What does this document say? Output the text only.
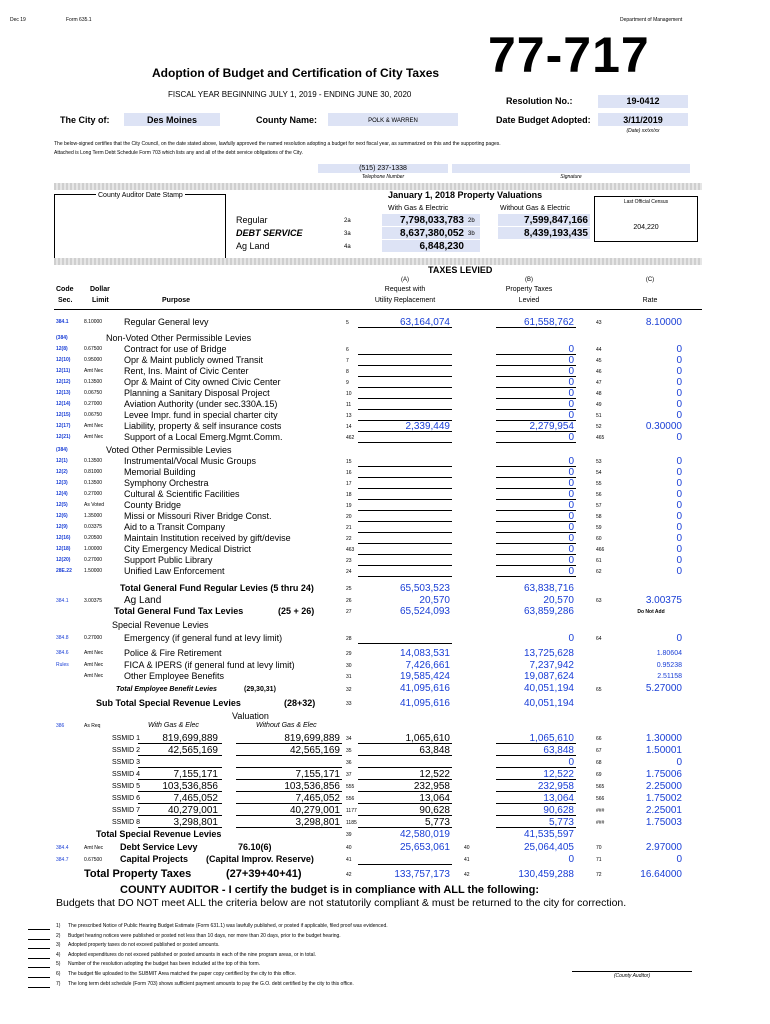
Dec 19	Form 635.1	Department of Management
77-717
Adoption of Budget and Certification of City Taxes
FISCAL YEAR BEGINNING JULY 1, 2019 - ENDING JUNE 30, 2020
Resolution No.:	19-0412
The City of:	Des Moines	County Name:	POLK & WARREN	Date Budget Adopted:	3/11/2019
(Date) xx/xx/xx
The below-signed certifies that the City Council, on the date stated above, lawfully approved the named resolution adopting a budget for next fiscal year, as summarized on this and the supporting pages.
Attached is Long Term Debt Schedule Form 703 which lists any and all of the debt service obligations of the City.
(515) 237-1338
Telephone Number	Signature
County Auditor Date Stamp	January 1, 2018 Property Valuations
With Gas & Electric	Without Gas & Electric
Last Official Census
204,220
Regular	2a	7,798,033,783 2b	7,599,847,166
DEBT SERVICE	3a	8,637,380,052 3b	8,439,193,435
Ag Land	4a	6,848,230
TAXES LEVIED
(A)
Request with
Utility Replacement
(B)
Property Taxes
Levied
(C)
Rate
Code
Sec.
Dollar
Limit	Purpose
384.1	8.10000 Regular General levy	5	63,164,074	61,558,762	43	8.10000
(384)	Non-Voted Other Permissible Levies
12(8)	0.67500 Contract for use of Bridge	6	0	44	0
12(10)	0.95000 Opr & Maint publicly owned Transit	7	0	45	0
12(11)	Amt Nec Rent, Ins. Maint of Civic Center	8	0	46	0
12(12)	0.13500 Opr & Maint of City owned Civic Center	9	0	47	0
12(13)	0.06750 Planning a Sanitary Disposal Project	10	0	48	0
12(14)	0.27000 Aviation Authority (under sec.330A.15)	11	0	49	0
12(15)	0.06750 Levee Impr. fund in special charter city	13	0	51	0
12(17)	Amt Nec Liability, property & self insurance costs	14	2,339,449	2,279,954	52	0.30000
12(21)	Amt Nec Support of a Local Emerg.Mgmt.Comm.	462	0	465	0
(384)	Voted Other Permissible Levies
12(1)	0.13500 Instrumental/Vocal Music Groups	15	0	53	0
12(2)	0.81000 Memorial Building	16	0	54	0
12(3)	0.13500 Symphony Orchestra	17	0	55	0
12(4)	0.27000 Cultural & Scientific Facilities	18	0	56	0
12(5)	As Voted County Bridge	19	0	57	0
12(6)	1.35000 Missi or Missouri River Bridge Const.	20	0	58	0
12(9)	0.03375 Aid to a Transit Company	21	0	59	0
12(16)	0.20500 Maintain Institution received by gift/devise	22	0	60	0
12(18)	1.00000 City Emergency Medical District	463	0	466	0
12(20)	0.27000 Support Public Library	23	0	61	0
28E.22 1.50000 Unified Law Enforcement	24	0	62	0
Total General Fund Regular Levies (5 thru 24)	25	65,503,523	63,838,716
384.1	3.00375 Ag Land	26	20,570	20,570	63	3.00375
Total General Fund Tax Levies	(25 + 26)	27	65,524,093	63,859,286	Do Not Add
Special Revenue Levies
384.8	0.27000 Emergency (if general fund at levy limit)	28	0	64	0
384.6	Amt Nec Police & Fire Retirement	29	14,083,531	13,725,628	1.80604
Rules	Amt Nec FICA & IPERS (if general fund at levy limit)	30	7,426,661	7,237,942	0.95238
Amt Nec Other Employee Benefits	31	19,585,424	19,087,624	2.51158
Total Employee Benefit Levies	(29,30,31)	32	41,095,616	40,051,194	65	5.27000
Sub Total Special Revenue Levies	(28+32)	33	41,095,616	40,051,194
Valuation
386	As Req	With Gas & Elec	Without Gas & Elec
SSMID 1	819,699,889	819,699,889 34	1,065,610	1,065,610	66	1.30000
SSMID 2	42,565,169	42,565,169 35	63,848	63,848	67	1.50001
SSMID 3	36	0	68	0
SSMID 4	7,155,171	7,155,171 37	12,522	12,522	69	1.75006
SSMID 5	103,536,856	103,536,856 555	232,958	232,958	565	2.25000
SSMID 6	7,465,052	7,465,052 556	13,064	13,064	566	1.75002
SSMID 7	40,279,001	40,279,001 1177	90,628	90,628	###	2.25001
SSMID 8	3,298,801	3,298,801 1185	5,773	5,773	###	1.75003
Total Special Revenue Levies	39	42,580,019	41,535,597
384.4	Amt Nec Debt Service Levy	76.10(6)	40	25,653,061	40	25,064,405	70	2.97000
384.7	0.67500 Capital Projects (Capital Improv. Reserve)	41	41	0	71	0
Total Property Taxes	(27+39+40+41)	42	133,757,173	42	130,459,288	72	16.64000
COUNTY AUDITOR - I certify the budget is in compliance with ALL the following:
Budgets that DO NOT meet ALL the criteria below are not statutorily compliant & must be returned to the city for correction.
1) The prescribed Notice of Public Hearing Budget Estimate (Form 631.1) was lawfully published, or posted if applicable, filed proof was evidenced.
2) Budget hearing notices were published or posted not less than 10 days, nor more than 20 days, prior to the budget hearing.
3) Adopted property taxes do not exceed published or posted amounts.
4) Adopted expenditures do not exceed published or posted amounts in each of the nine program areas, or in total.
5) Number of the resolution adopting the budget has been included at the top of this form.
6) The budget file uploaded to the SUBMIT Area matched the paper copy certified by the city to this office.
7) The long term debt schedule (Form 703) shows sufficient payment amounts to pay the G.O. debt certified by the city to this office.
(County Auditor)
